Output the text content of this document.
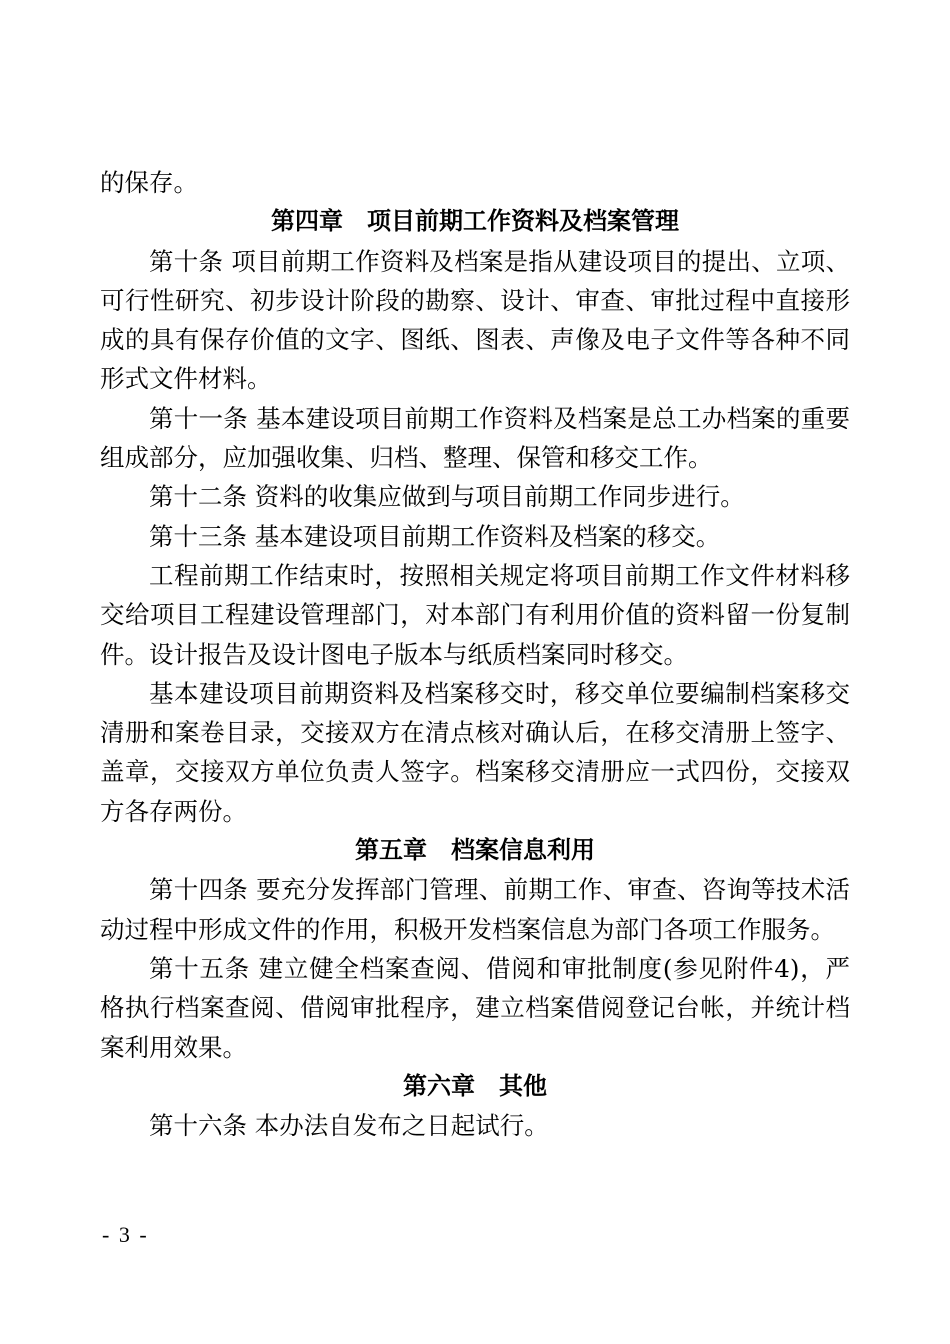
的保存。

第四章　项目前期工作资料及档案管理

第十条 项目前期工作资料及档案是指从建设项目的提出、立项、可行性研究、初步设计阶段的勘察、设计、审查、审批过程中直接形成的具有保存价值的文字、图纸、图表、声像及电子文件等各种不同形式文件材料。

第十一条 基本建设项目前期工作资料及档案是总工办档案的重要组成部分，应加强收集、归档、整理、保管和移交工作。

第十二条 资料的收集应做到与项目前期工作同步进行。

第十三条 基本建设项目前期工作资料及档案的移交。

工程前期工作结束时，按照相关规定将项目前期工作文件材料移交给项目工程建设管理部门，对本部门有利用价值的资料留一份复制件。设计报告及设计图电子版本与纸质档案同时移交。

基本建设项目前期资料及档案移交时，移交单位要编制档案移交清册和案卷目录，交接双方在清点核对确认后，在移交清册上签字、盖章，交接双方单位负责人签字。档案移交清册应一式四份，交接双方各存两份。

第五章　档案信息利用

第十四条 要充分发挥部门管理、前期工作、审查、咨询等技术活动过程中形成文件的作用，积极开发档案信息为部门各项工作服务。

第十五条 建立健全档案查阅、借阅和审批制度(参见附件4)，严格执行档案查阅、借阅审批程序，建立档案借阅登记台帐，并统计档案利用效果。

第六章　其他

第十六条 本办法自发布之日起试行。

- 3 -
